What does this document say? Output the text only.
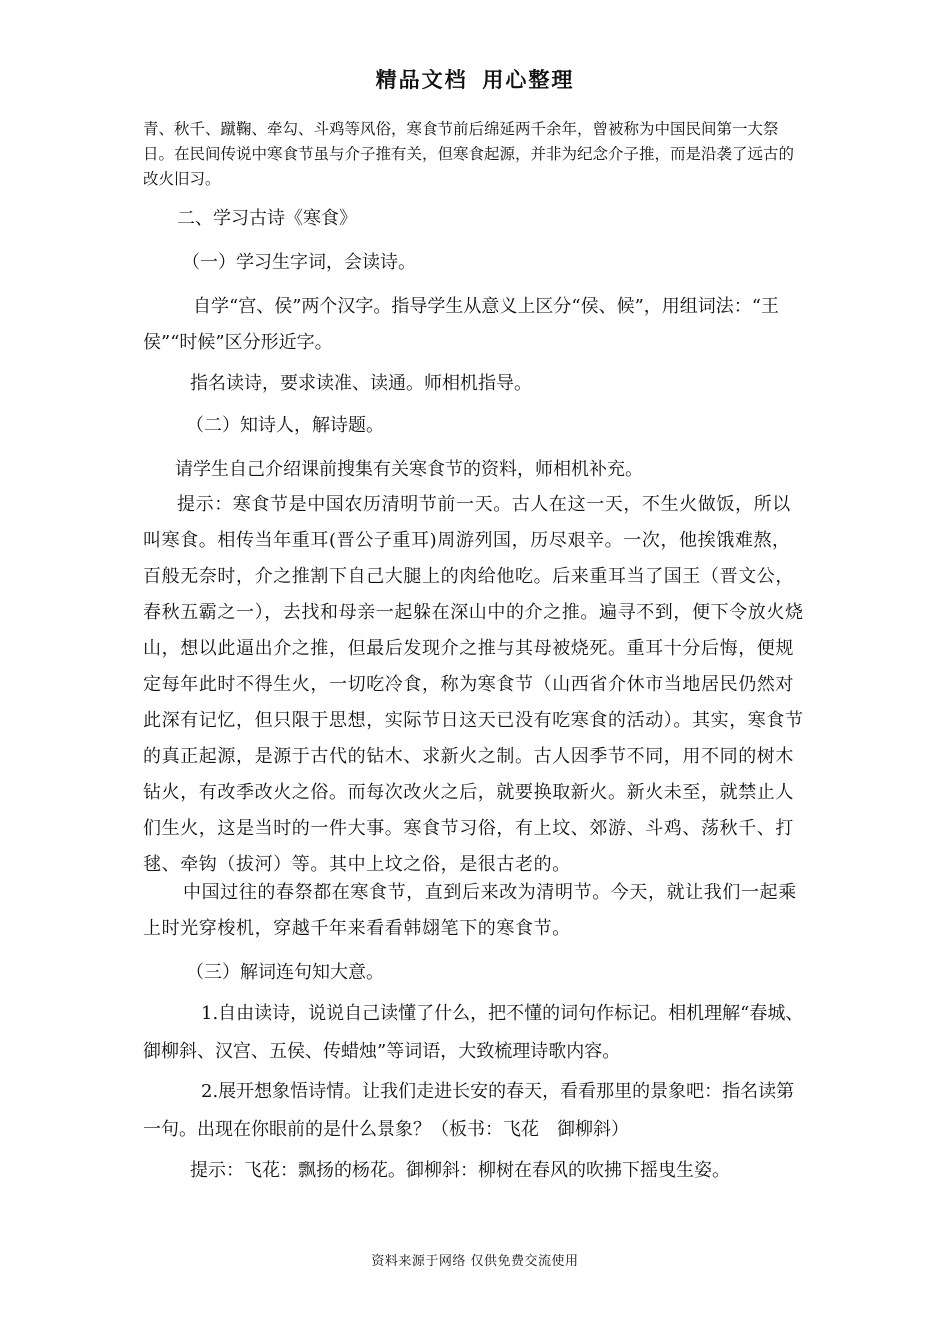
精品文档 用心整理
青、秋千、蹴鞠、牵勾、斗鸡等风俗，寒食节前后绵延两千余年，曾被称为中国民间第一大祭日。在民间传说中寒食节虽与介子推有关，但寒食起源，并非为纪念介子推，而是沿袭了远古的改火旧习。
二、学习古诗《寒食》
（一）学习生字词，会读诗。
自学“宫、侯”两个汉字。指导学生从意义上区分“侯、候”，用组词法：“王侯”“时候”区分形近字。
指名读诗，要求读准、读通。师相机指导。
（二）知诗人，解诗题。
请学生自己介绍课前搜集有关寒食节的资料，师相机补充。
提示：寒食节是中国农历清明节前一天。古人在这一天，不生火做饭，所以叫寒食。相传当年重耳(晋公子重耳)周游列国，历尽艰辛。一次，他挨饿难熬，百般无奈时，介之推割下自己大腿上的肉给他吃。后来重耳当了国王（晋文公，春秋五霸之一），去找和母亲一起躲在深山中的介之推。遍寻不到，便下令放火烧山，想以此逼出介之推，但最后发现介之推与其母被烧死。重耳十分后悔，便规定每年此时不得生火，一切吃冷食，称为寒食节（山西省介休市当地居民仍然对此深有记忆，但只限于思想，实际节日这天已没有吃寒食的活动）。其实，寒食节的真正起源，是源于古代的钻木、求新火之制。古人因季节不同，用不同的树木钻火，有改季改火之俗。而每次改火之后，就要换取新火。新火未至，就禁止人们生火，这是当时的一件大事。寒食节习俗，有上坟、郊游、斗鸡、荡秋千、打毬、牵钩（拔河）等。其中上坟之俗，是很古老的。
中国过往的春祭都在寒食节，直到后来改为清明节。今天，就让我们一起乘上时光穿梭机，穿越千年来看看韩翃笔下的寒食节。
（三）解词连句知大意。
1.自由读诗，说说自己读懂了什么，把不懂的词句作标记。相机理解“春城、御柳斜、汉宫、五侯、传蜡烛”等词语，大致梳理诗歌内容。
2.展开想象悟诗情。让我们走进长安的春天，看看那里的景象吧：指名读第一句。出现在你眼前的是什么景象？（板书：飞花　御柳斜）
提示：飞花：飘扬的杨花。御柳斜：柳树在春风的吹拂下摇曳生姿。
资料来源于网络 仅供免费交流使用
